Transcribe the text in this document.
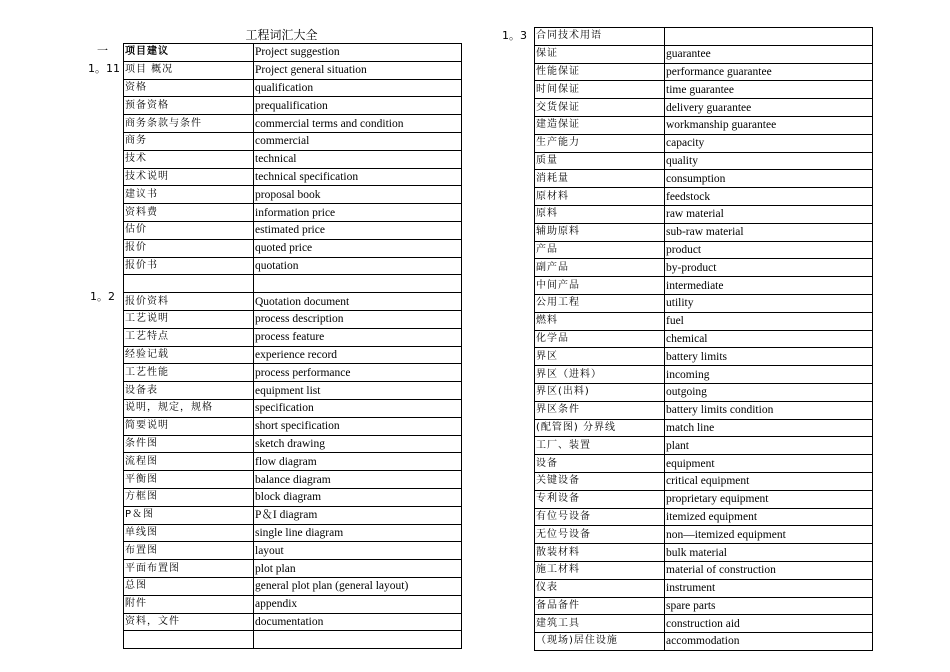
工程词汇大全
一
1。11
1。2
1。3
项目建议	Project suggestion
项目 概况	Project general situation
资格	qualification
预备资格	prequalification
商务条款与条件	commercial terms and condition
商务	commercial
技术	technical
技术说明	technical specification
建议书	proposal book
资料费	information price
估价	estimated price
报价	quoted price
报价书	quotation

报价资料	Quotation document
工艺说明	process description
工艺特点	process feature
经验记载	experience record
工艺性能	process performance
设备表	equipment list
说明，规定，规格	specification
简要说明	short specification
条件图	sketch drawing
流程图	flow diagram
平衡图	balance diagram
方框图	block diagram
P＆图	P＆I diagram
单线图	single line diagram
布置图	layout
平面布置图	plot plan
总图	general plot plan (general layout)
附件	appendix
资料，文件	documentation

合同技术用语	
保证	guarantee
性能保证	performance guarantee
时间保证	time guarantee
交货保证	delivery guarantee
建造保证	workmanship guarantee
生产能力	capacity
质量	quality
消耗量	consumption
原材料	feedstock
原料	raw material
辅助原料	sub-raw material
产品	product
副产品	by-product
中间产品	intermediate
公用工程	utility
燃料	fuel
化学品	chemical
界区	battery limits
界区（进料）	incoming
界区(出料)	outgoing
界区条件	battery limits condition
(配管图) 分界线	match line
工厂、装置	plant
设备	equipment
关键设备	critical equipment
专利设备	proprietary equipment
有位号设备	itemized equipment
无位号设备	non—itemized equipment
散装材料	bulk material
施工材料	material of construction
仪表	instrument
备品备件	spare parts
建筑工具	construction aid
（现场)居住设施	accommodation
